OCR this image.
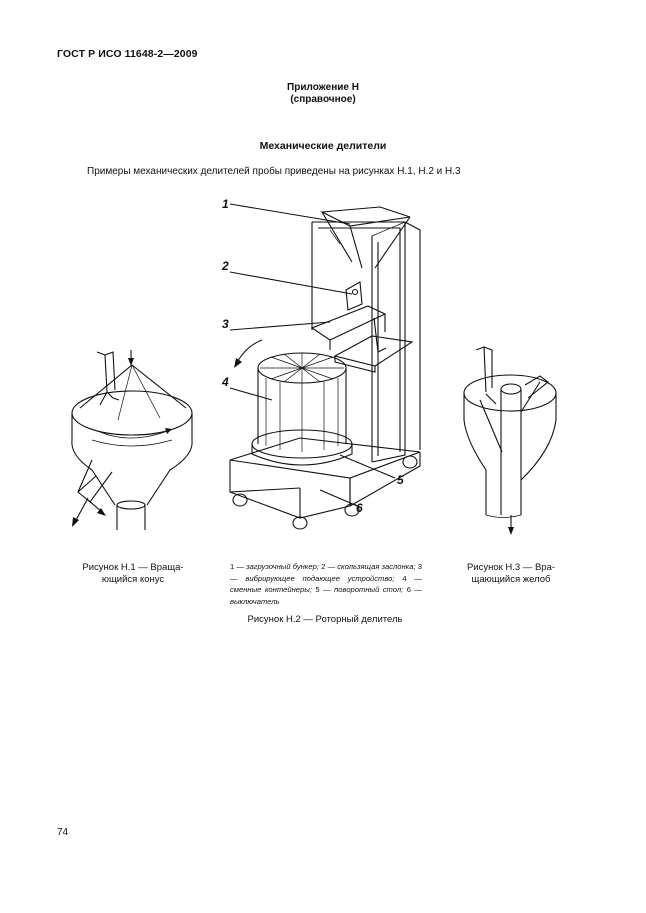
ГОСТ Р ИСО 11648-2—2009
Приложение Н
(справочное)
Механические делители
Примеры механических делителей пробы приведены на рисунках Н.1, Н.2 и Н.3
1
2
3
4
5
6
Рисунок Н.1 — Враща-
ющийся конус
1 — загрузочный бункер; 2 — скользящая заслонка; 3 — вибрирующее подающее устройство; 4 — сменные контейнеры; 5 — поворотный стол; 6 — выключатель
Рисунок Н.2 — Роторный делитель
Рисунок Н.3 — Вра-
щающийся желоб
74
